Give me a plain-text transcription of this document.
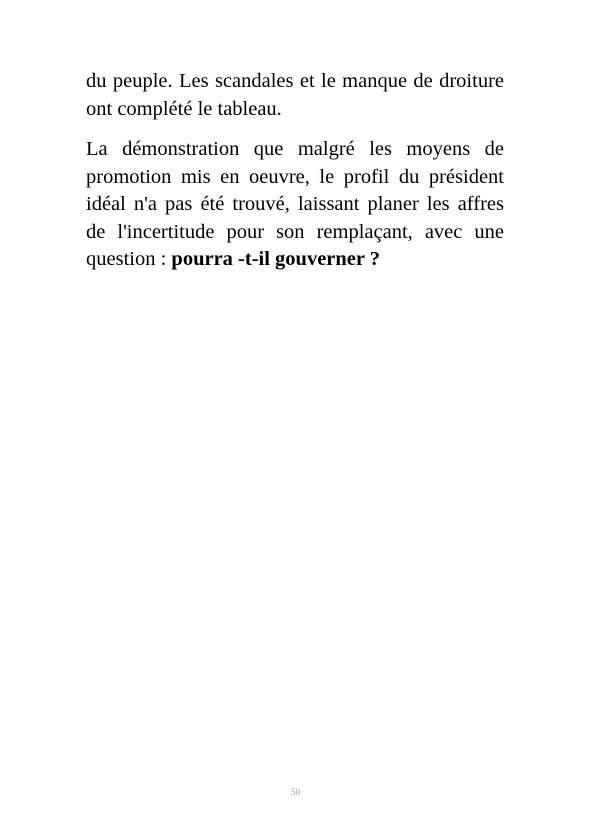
du peuple. Les scandales et le manque de droiture ont complété le tableau.

La démonstration que malgré les moyens de promotion mis en oeuvre, le profil du président idéal n'a pas été trouvé, laissant planer les affres de l'incertitude pour son remplaçant, avec une question : pourra -t-il gouverner ?

50
